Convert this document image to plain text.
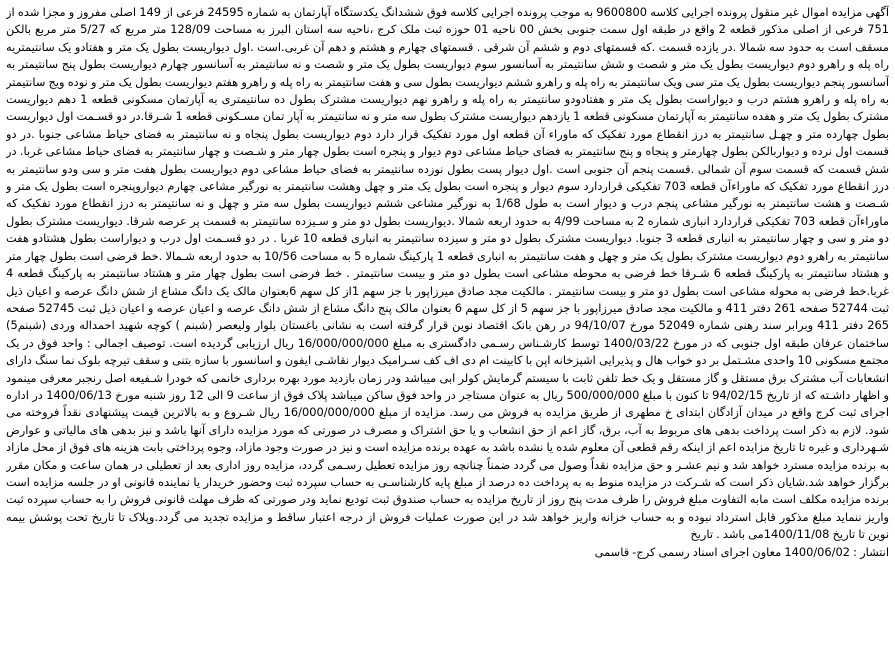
آگهی مزایده اموال غیر منقول پرونده اجرایی کلاسه 9600800 به موجب پرونده اجرایی کلاسه فوق ششدانگ یکدستگاه آپارتمان به شماره 24595 فرعی از 149 اصلی مفروز و مجزا شده از 751 فرعی از اصلی مذکور قطعه 2 واقع در طبقه اول سمت جنوبی بخش 00 ناحیه 01 حوزه ثبت ملک کرج ،ناحیه سه استان البرز به مساحت 128/09 متر مربع که 5/27 متر مربع بالکن مسقف است به حدود سه شمالا .در یازده قسمت .که قسمتهای دوم و ششم آن شرقی . قسمتهای چهارم و هشتم و دهم آن غربی.است .اول دیواریست بطول یک متر و هفتادو یک سانتیمتریه راه پله و راهرو دوم دیواریست بطول یک متر و شصت و شش سانتیمتر به آسانسور سوم دیواریست بطول یک متر و شصت و نه سانتیمتر به آسانسور چهارم دیواریست بطول پنج سانتیمتر به آسانسور پنجم دیواریست بطول یک متر سی ویک سانتیمتر به راه پله و راهرو ششم دیواریست بطول سی و هفت سانتیمتر به راه پله و راهرو هفتم دیواریست بطول یک متر و نوده ویج سانتیمتر به راه پله و راهرو هشتم درب و دیواراست بطول یک متر و هفتادودو سانتیمتر به راه پله و راهرو نهم دیواریست مشترک بطول ده سانتیمتری به آپارتمان مسکونی قطعه 1 دهم دیواریست مشترک بطول یک متر و هفده سانتیمتر به آپارتمان مسکونی قطعه 1 یازدهم دیواریست مشترک بطول سه متر و نه سانتیمتر به آپار تمان مسـکونی قطعه 1 شـرقا.در دو قسـمت اول دیواریست بطول چهارده متر و چهـل سانتیمتر به درز انقطاع مورد تفکیک که ماوراء آن قطعه اول مورد تفکیک قرار دارد دوم دیواریست بطول پنجاه و نه سانتیمتر به فضای حیاط مشاعی جنوبا .در دو قسمت اول نرده و دیواربالکن بطول چهارمتر و پنجاه و پنج سانتیمتر به فضای حیاط مشاعی دوم دیوار و پنجره است بطول چهار متر و شـصت و چهار سانتیمتر به فضای حیاط مشاعی غربا. در شش قسمت که قسمت سوم آن شمالی .قسمت پنجم آن جنوبی است .اول دیوار پست بطول نوزده سانتیمتر به فضای حیاط مشاعی دوم دیواریست بطول هفت متر و سی ودو سانتیمتر به درز انقطاع مورد تفکیک که ماوراءآن قطعه 703 تفکیکی قراردارد سوم دیوار و پنجره است بطول یک متر و چهل وهشت سانتیمتر به نورگیر مشاعی چهارم دیواروپنجره است بطول یک متر و شـصت و هشت سانتیمتر به نورگیر مشاعی پنجم درب و دیوار است به طول 1/68 به نورگیر مشاعی ششم دیواریست بطول سه متر و چهل و نه سانتیمتر به درز انقطاع مورد تفکیک که ماوراءآن قطعه 703 تفکیکی قراردارد انباری شماره 2 به مساحت 4/99 به حدود اربعه شمالا .دیواریست بطول دو متر و سـیزده سانتیمتر به قسمت پر عرصه شرقا. دیواریست مشترک بطول دو متر و سی و چهار سانتیمتر به انباری قطعه 3 جنوبا. دیواریست مشترک بطول دو متر و سیزده سانتیمتر به انباری قطعه 10 غربا . در دو قسـمت اول درب و دیواراست بطول هشتادو هفت سانتیمتر به راهرو دوم دیواریست مشترک بطول یک متر و چهل و هفت سانتیمتر به انباری قطعه 1 پارکینگ شماره 5 به مساحت 10/56 به حدود اربعه شـمالا .خط فرضی است بطول چهار متر و هشتاد سانتیمتر به پارکینگ قطعه 6 شـرقا خط فرضی به محوطه مشاعی است بطول دو متر و بیست سانتیمتر . خط فرضی است بطول چهار متر و هشتاد سانتیمتر به پارکینگ قطعه 4 غربا.خط فرضی به محوله مشاعی است بطول دو متر و بیست سانتیمتر . مالکیت مجد صادق میرزاپور با جز سهم 1از کل سهم 6بعنوان مالک یک دانگ مشاع از شش دانگ عرصه و اعیان ذیل ثبت 52744 صفحه 261 دفتر 411 و مالکیت مجد صادق میرزاپور با جز سهم 5 از کل سهم 6 بعنوان مالک پنج دانگ مشاع از شش دانگ عرصه و اعیان عرصه و اعیان ذیل ثبت 52745 صفحه 265 دفتر 411 وبرابر سند رهنی شماره 52049 مورخ 94/10/07 در رهن بانک اقتصاد نوین قرار گرفته است به نشانی باغستان بلوار ولیعصر (شبنم ) کوچه شهید احمداله وردی (شبنم5) ساختمان عرفان طبقه اول جنوبی که در مورخ 1400/03/22 توسط کارشـناس رسـمی دادگستری به مبلغ 16/000/000/000 ریال ارزیابی گردیده است. توصیف اجمالی : واحد فوق در یک مجتمع مسکونی 10 واحدی مشـتمل بر دو خواب هال و پذیرایی اشپزخانه اپن با کابینت ام دی اف کف سـرامیک دیوار نقاشـی ایفون و اسانسور با سازه بتنی و سقف تیرچه بلوک نما سنگ دارای انشعابات آب مشترک برق مستقل و گاز مستقل و یک خط تلفن ثابت با سیستم گرمایش کولر ابی میباشد ودر زمان بازدید مورد بهره برداری خانمی که خودرا شـفیعه اصل رنجبر معرفی مینمود و اظهار داشـته که از تاریخ 94/02/15 تا کنون با مبلغ 500/000/000 ریال به عنوان مستاجر در واحد فوق ساکن میباشد پلاک فوق از ساعت 9 الی 12 روز شنبه مورخ 1400/06/13 در اداره اجرای ثبت کرج واقع در میدان آزادگان ابتدای خ مطهری از طریق مزایده به فروش می رسد. مزایده از مبلغ 16/000/000/000 ریال شـروع و به بالاترین قیمت پیشنهادی نقداً فروخته می شود. لازم به ذکر است پرداخت بدهی های مربوط به آب، برق، گاز اعم از حق انشعاب و یا حق اشتراک و مصرف در صورتی که مورد مزایده دارای آنها باشد و نیز بدهی های مالیاتی و عوارض شـهرداری و غیره تا تاریخ مزایده اعم از اینکه رقم قطعی آن معلوم شده یا نشده باشد به عهده برنده مزایده است و نیز در صورت وجود مازاد، وجوه پرداختی بابت هزینه های فوق از محل مازاد به برنده مزایده مسترد خواهد شد و نیم عشـر و حق مزایده نقداً وصول می گردد ضمناً چنانچه روز مزایده تعطیل رسـمی گردد، مزایده روز اداری بعد از تعطیلی در همان ساعت و مکان مقرر برگزار خواهد شد.شایان ذکر است که شـرکت در مزایده منوط به به پرداخت ده درصد از مبلغ پایه کارشناسـی به حساب سپرده ثبت وحضور خریدار یا نماینده قانونی او در جلسه مزایده است برنده مزایده مکلف است مابه التفاوت مبلغ فروش را ظرف مدت پنج روز از تاریخ مزایده به حساب صندوق ثبت تودیع نماید ودر صورتی که ظرف مهلت قانونی فروش را به حساب سپرده ثبت واریز ننماید مبلغ مذکور قابل استرداد نبوده و به حساب خزانه واریز خواهد شد در این صورت عملیات فروش از درجه اعتبار ساقط و مزایده تجدید می گردد.وپلاک تا تاریخ تحت پوشش بیمه نوین تا تاریخ 1400/11/08می باشد . تاریخ

انتشار : 1400/06/02 معاون اجرای اسناد رسمی کرج- قاسمی
